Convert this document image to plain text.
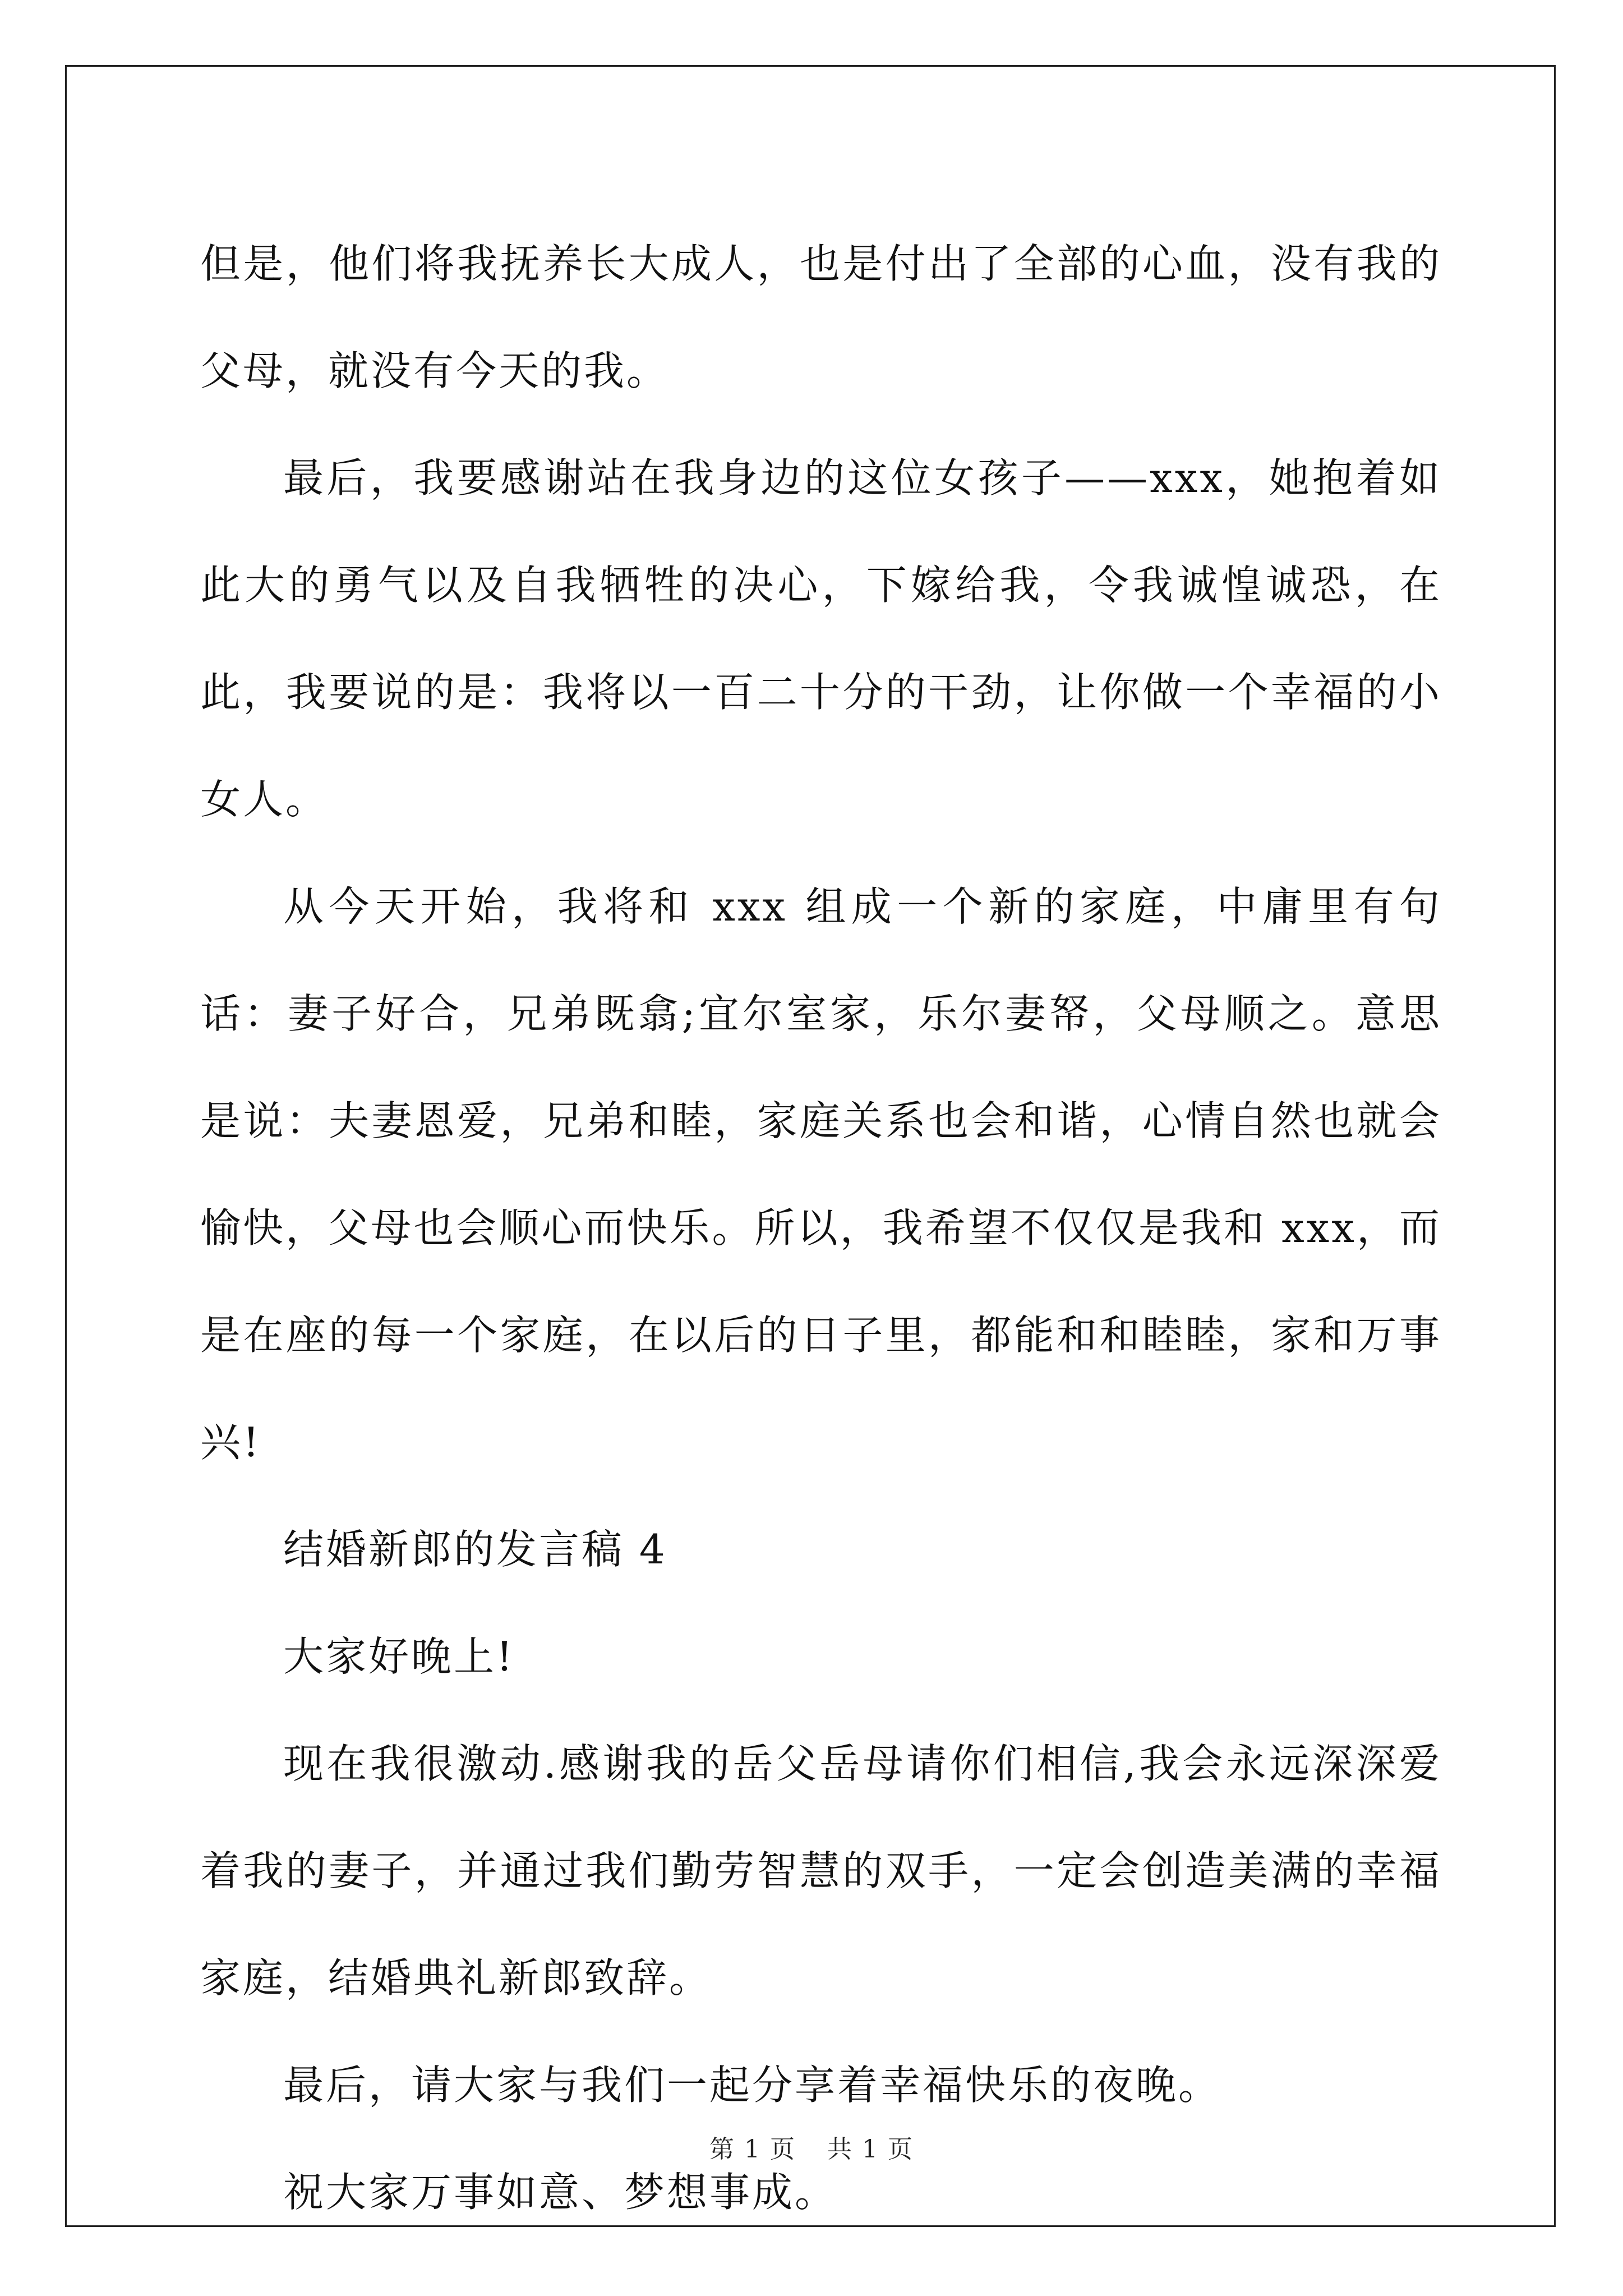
但是，他们将我抚养长大成人，也是付出了全部的心血，没有我的父母，就没有今天的我。

最后，我要感谢站在我身边的这位女孩子——xxx，她抱着如此大的勇气以及自我牺牲的决心，下嫁给我，令我诚惶诚恐，在此，我要说的是：我将以一百二十分的干劲，让你做一个幸福的小女人。

从今天开始，我将和 xxx 组成一个新的家庭，中庸里有句话：妻子好合，兄弟既翕;宜尔室家，乐尔妻帑，父母顺之。意思是说：夫妻恩爱，兄弟和睦，家庭关系也会和谐，心情自然也就会愉快，父母也会顺心而快乐。所以，我希望不仅仅是我和 xxx，而是在座的每一个家庭，在以后的日子里，都能和和睦睦，家和万事兴!

结婚新郎的发言稿 4

大家好晚上!

现在我很激动.感谢我的岳父岳母请你们相信,我会永远深深爱着我的妻子，并通过我们勤劳智慧的双手，一定会创造美满的幸福家庭，结婚典礼新郎致辞。

最后，请大家与我们一起分享着幸福快乐的夜晚。

祝大家万事如意、梦想事成。

第 1 页 共 1 页
